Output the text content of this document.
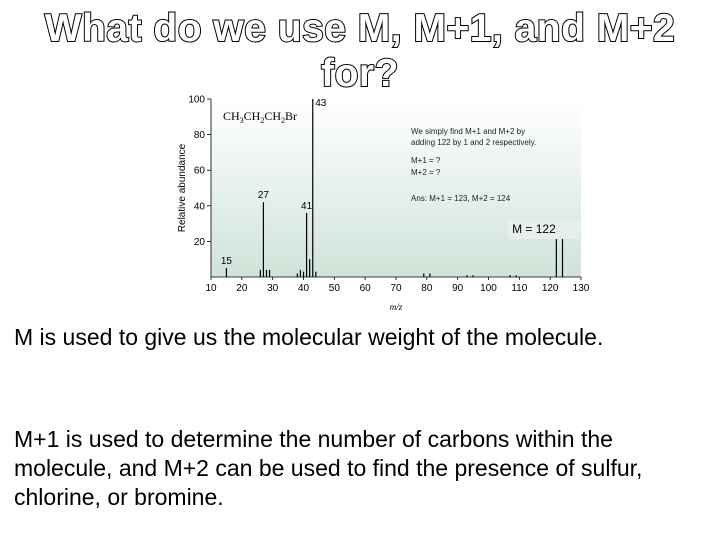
What do we use M, M+1, and M+2
for?
20
40
60
80
100
10 20 30 40 50 60 70 80 90 100 110 120 130
15
27
41
43
$CH_3CH_2CH_2Br$
Relative abundance
m/z
We simply find M+1 and M+2 by
adding 122 by 1 and 2 respectively.
M+1 = ?
M+2 = ?
Ans: M+1 = 123, M+2 = 124
M = 122
M is used to give us the molecular weight of the molecule.
M+1 is used to determine the number of carbons within the molecule, and M+2 can be used to find the presence of sulfur, chlorine, or bromine.
